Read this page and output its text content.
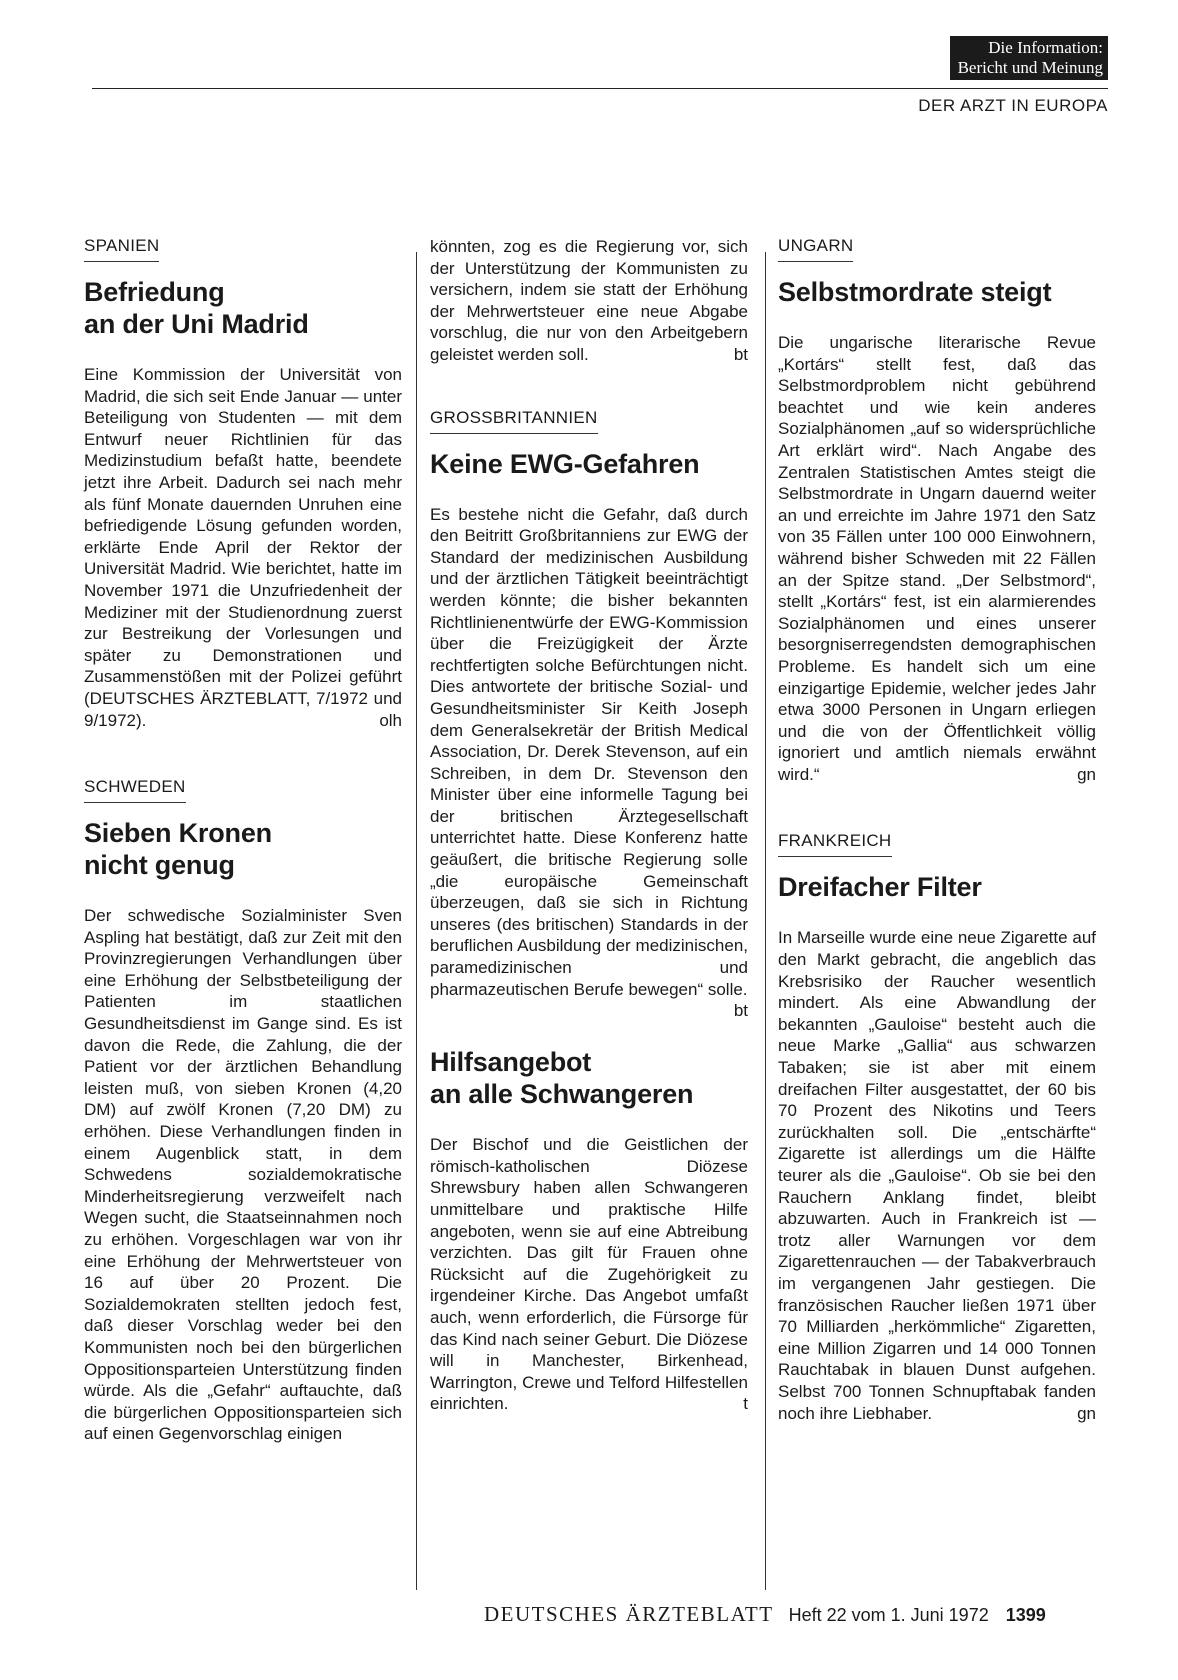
Die Information:
Bericht und Meinung
DER ARZT IN EUROPA
SPANIEN
Befriedung
an der Uni Madrid

Eine Kommission der Universität von Madrid, die sich seit Ende Januar — unter Beteiligung von Studenten — mit dem Entwurf neuer Richtlinien für das Medizinstudium befaßt hatte, beendete jetzt ihre Arbeit. Dadurch sei nach mehr als fünf Monate dauernden Unruhen eine befriedigende Lösung gefunden worden, erklärte Ende April der Rektor der Universität Madrid. Wie berichtet, hatte im November 1971 die Unzufriedenheit der Mediziner mit der Studienordnung zuerst zur Bestreikung der Vorlesungen und später zu Demonstrationen und Zusammenstößen mit der Polizei geführt (DEUTSCHES ÄRZTEBLATT, 7/1972 und 9/1972).	olh

SCHWEDEN
Sieben Kronen
nicht genug

Der schwedische Sozialminister Sven Aspling hat bestätigt, daß zur Zeit mit den Provinzregierungen Verhandlungen über eine Erhöhung der Selbstbeteiligung der Patienten im staatlichen Gesundheitsdienst im Gange sind. Es ist davon die Rede, die Zahlung, die der Patient vor der ärztlichen Behandlung leisten muß, von sieben Kronen (4,20 DM) auf zwölf Kronen (7,20 DM) zu erhöhen. Diese Verhandlungen finden in einem Augenblick statt, in dem Schwedens sozialdemokratische Minderheitsregierung verzweifelt nach Wegen sucht, die Staatseinnahmen noch zu erhöhen. Vorgeschlagen war von ihr eine Erhöhung der Mehrwertsteuer von 16 auf über 20 Prozent. Die Sozialdemokraten stellten jedoch fest, daß dieser Vorschlag weder bei den Kommunisten noch bei den bürgerlichen Oppositionsparteien Unterstützung finden würde. Als die „Gefahr“ auftauchte, daß die bürgerlichen Oppositionsparteien sich auf einen Gegenvorschlag einigen

könnten, zog es die Regierung vor, sich der Unterstützung der Kommunisten zu versichern, indem sie statt der Erhöhung der Mehrwertsteuer eine neue Abgabe vorschlug, die nur von den Arbeitgebern geleistet werden soll.	bt

GROSSBRITANNIEN
Keine EWG-Gefahren

Es bestehe nicht die Gefahr, daß durch den Beitritt Großbritanniens zur EWG der Standard der medizinischen Ausbildung und der ärztlichen Tätigkeit beeinträchtigt werden könnte; die bisher bekannten Richtlinienentwürfe der EWG-Kommission über die Freizügigkeit der Ärzte rechtfertigten solche Befürchtungen nicht. Dies antwortete der britische Sozial- und Gesundheitsminister Sir Keith Joseph dem Generalsekretär der British Medical Association, Dr. Derek Stevenson, auf ein Schreiben, in dem Dr. Stevenson den Minister über eine informelle Tagung bei der britischen Ärztegesellschaft unterrichtet hatte. Diese Konferenz hatte geäußert, die britische Regierung solle „die europäische Gemeinschaft überzeugen, daß sie sich in Richtung unseres (des britischen) Standards in der beruflichen Ausbildung der medizinischen, paramedizinischen und pharmazeutischen Berufe bewegen“ solle.
bt

Hilfsangebot
an alle Schwangeren

Der Bischof und die Geistlichen der römisch-katholischen Diözese Shrewsbury haben allen Schwangeren unmittelbare und praktische Hilfe angeboten, wenn sie auf eine Abtreibung verzichten. Das gilt für Frauen ohne Rücksicht auf die Zugehörigkeit zu irgendeiner Kirche. Das Angebot umfaßt auch, wenn erforderlich, die Fürsorge für das Kind nach seiner Geburt. Die Diözese will in Manchester, Birkenhead, Warrington, Crewe und Telford Hilfestellen einrichten.	t

UNGARN
Selbstmordrate steigt

Die ungarische literarische Revue „Kortárs“ stellt fest, daß das Selbstmordproblem nicht gebührend beachtet und wie kein anderes Sozialphänomen „auf so widersprüchliche Art erklärt wird“. Nach Angabe des Zentralen Statistischen Amtes steigt die Selbstmordrate in Ungarn dauernd weiter an und erreichte im Jahre 1971 den Satz von 35 Fällen unter 100 000 Einwohnern, während bisher Schweden mit 22 Fällen an der Spitze stand. „Der Selbstmord“, stellt „Kortárs“ fest, ist ein alarmierendes Sozialphänomen und eines unserer besorgniserregendsten demographischen Probleme. Es handelt sich um eine einzigartige Epidemie, welcher jedes Jahr etwa 3000 Personen in Ungarn erliegen und die von der Öffentlichkeit völlig ignoriert und amtlich niemals erwähnt wird.“	gn

FRANKREICH
Dreifacher Filter

In Marseille wurde eine neue Zigarette auf den Markt gebracht, die angeblich das Krebsrisiko der Raucher wesentlich mindert. Als eine Abwandlung der bekannten „Gauloise“ besteht auch die neue Marke „Gallia“ aus schwarzen Tabaken; sie ist aber mit einem dreifachen Filter ausgestattet, der 60 bis 70 Prozent des Nikotins und Teers zurückhalten soll. Die „entschärfte“ Zigarette ist allerdings um die Hälfte teurer als die „Gauloise“. Ob sie bei den Rauchern Anklang findet, bleibt abzuwarten. Auch in Frankreich ist — trotz aller Warnungen vor dem Zigarettenrauchen — der Tabakverbrauch im vergangenen Jahr gestiegen. Die französischen Raucher ließen 1971 über 70 Milliarden „herkömmliche“ Zigaretten, eine Million Zigarren und 14 000 Tonnen Rauchtabak in blauen Dunst aufgehen. Selbst 700 Tonnen Schnupftabak fanden noch ihre Liebhaber.	gn

DEUTSCHES ÄRZTEBLATT Heft 22 vom 1. Juni 1972 1399
